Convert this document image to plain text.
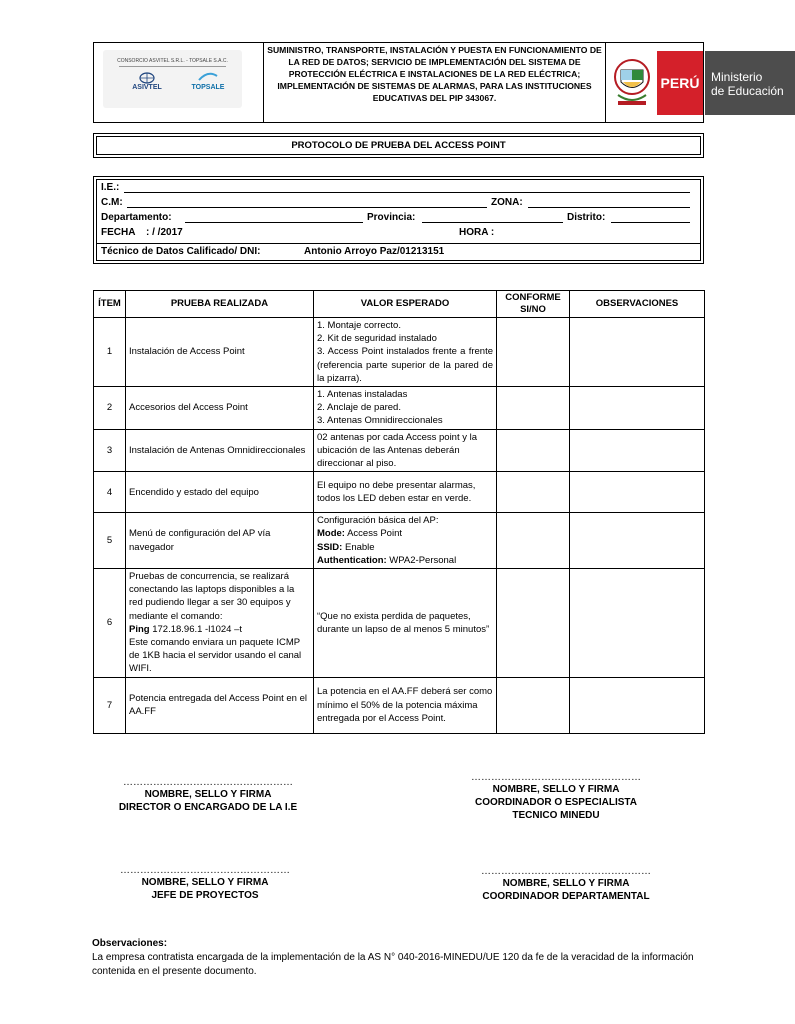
CONSORCIO ASVITEL S.R.L. - TOPSALE S.A.C.
ASIVTEL	TOPSALE
SUMINISTRO, TRANSPORTE, INSTALACIÓN Y PUESTA EN FUNCIONAMIENTO DE LA RED DE DATOS; SERVICIO DE IMPLEMENTACIÓN DEL SISTEMA DE PROTECCIÓN ELÉCTRICA E INSTALACIONES DE LA RED ELÉCTRICA; IMPLEMENTACIÓN DE SISTEMAS DE ALARMAS, PARA LAS INSTITUCIONES EDUCATIVAS DEL PIP 343067.
PERÚ Ministerio
de Educación
PROTOCOLO DE PRUEBA DEL ACCESS POINT
I.E.:
C.M:	ZONA:
Departamento:	Provincia:	Distrito:
FECHA : / /2017	HORA :
Técnico de Datos Calificado/ DNI:	Antonio Arroyo Paz/01213151
ÍTEM	PRUEBA REALIZADA	VALOR ESPERADO	CONFORME SI/NO	OBSERVACIONES
1	Instalación de Access Point	1. Montaje correcto.
2. Kit de seguridad instalado
3. Access Point instalados frente a frente (referencia parte superior de la pared de la pizarra).		

2	Accesorios del Access Point	1. Antenas instaladas
2. Anclaje de pared.
3. Antenas Omnidireccionales		

3	Instalación de Antenas Omnidireccionales	02 antenas por cada Access point y la ubicación de las Antenas deberán direccionar al piso.		
4	Encendido y estado del equipo	El equipo no debe presentar alarmas, todos los LED deben estar en verde.		
5	Menú de configuración del AP vía navegador	Configuración básica del AP:
Mode: Access Point
SSID: Enable
Authentication: WPA2-Personal		

6	Pruebas de concurrencia, se realizará conectando las laptops disponibles a la red pudiendo llegar a ser 30 equipos y mediante el comando:
Ping 172.18.96.1 -l1024 –t
Este comando enviara un paquete ICMP de 1KB hacia el servidor usando el canal WIFI.	“Que no exista perdida de paquetes, durante un lapso de al menos 5 minutos”		
7	Potencia entregada del Access Point en el AA.FF	La potencia en el AA.FF deberá ser como mínimo el 50% de la potencia máxima entregada por el Access Point.		
……………………………………………
NOMBRE, SELLO Y FIRMA
DIRECTOR O ENCARGADO DE LA I.E
……………………………………………
NOMBRE, SELLO Y FIRMA
COORDINADOR O ESPECIALISTA
TECNICO MINEDU
……………………………………………
NOMBRE, SELLO Y FIRMA
JEFE DE PROYECTOS
……………………………………………
NOMBRE, SELLO Y FIRMA
COORDINADOR DEPARTAMENTAL
Observaciones:
La empresa contratista encargada de la implementación de la AS N° 040-2016-MINEDU/UE 120 da fe de la veracidad de la información contenida en el presente documento.
